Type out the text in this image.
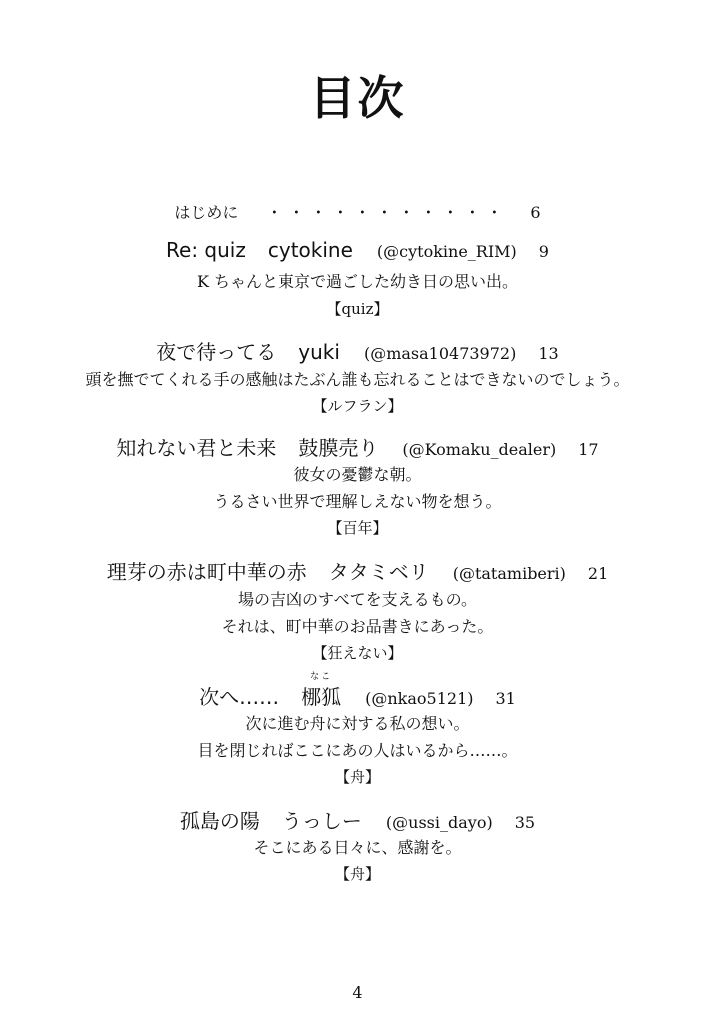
目次
はじめに ・・・・・・・・・・・ 6
Re: quiz cytokine (@cytokine_RIM) 9
K ちゃんと東京で過ごした幼き日の思い出。
【quiz】
夜で待ってる yuki (@masa10473972) 13
頭を撫でてくれる手の感触はたぶん誰も忘れることはできないのでしょう。
【ルフラン】
知れない君と未来 鼓膜売り (@Komaku_dealer) 17
彼女の憂鬱な朝。
うるさい世界で理解しえない物を想う。
【百年】
理芽の赤は町中華の赤 タタミベリ (@tatamiberi) 21
場の吉凶のすべてを支えるもの。
それは、町中華のお品書きにあった。
【狂えない】
次へ……
なこ
梛狐 (@nkao5121) 31
次に進む舟に対する私の想い。
目を閉じればここにあの人はいるから……。
【舟】
孤島の陽 うっしー (@ussi_dayo) 35
そこにある日々に、感謝を。
【舟】
4
